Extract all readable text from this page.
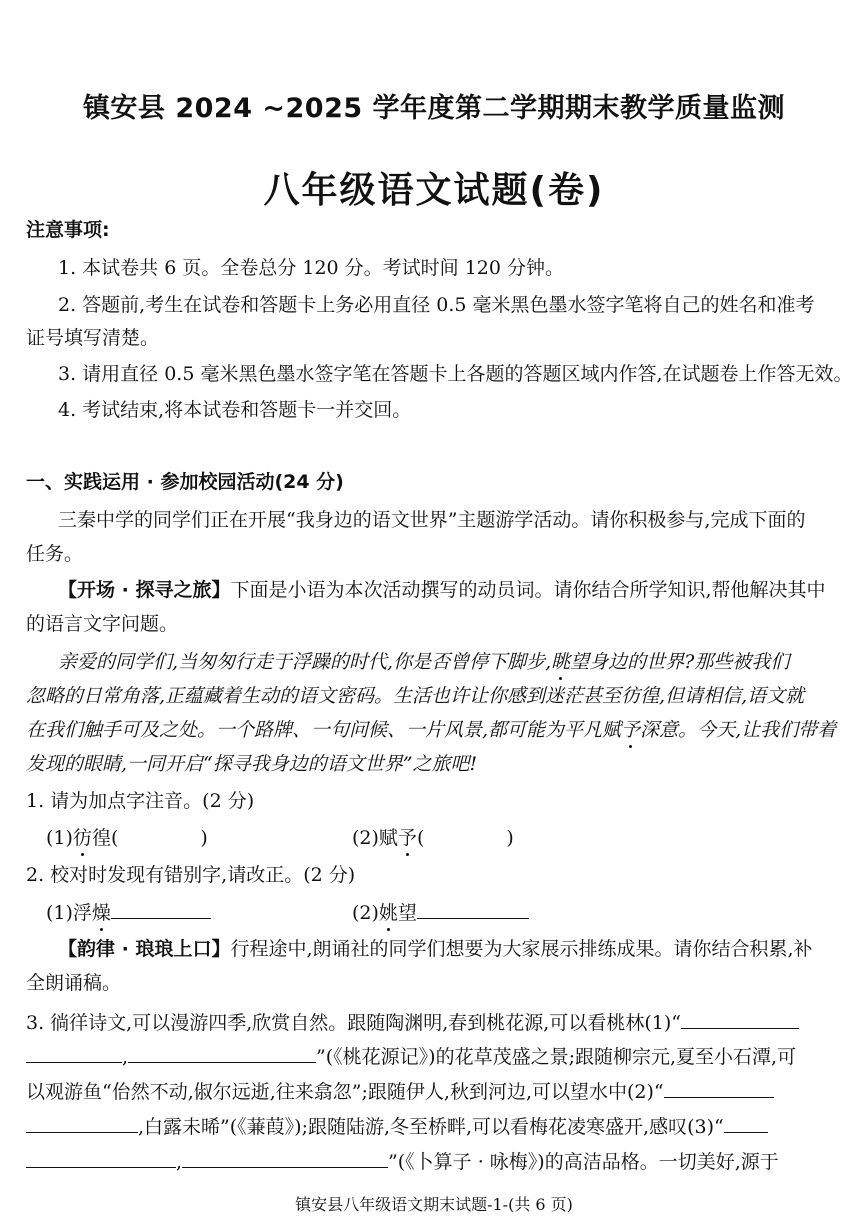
镇安县 2024 ~2025 学年度第二学期期末教学质量监测
八年级语文试题(卷)
注意事项:
1. 本试卷共 6 页。全卷总分 120 分。考试时间 120 分钟。
2. 答题前,考生在试卷和答题卡上务必用直径 0.5 毫米黑色墨水签字笔将自己的姓名和准考
证号填写清楚。
3. 请用直径 0.5 毫米黑色墨水签字笔在答题卡上各题的答题区域内作答,在试题卷上作答无效。
4. 考试结束,将本试卷和答题卡一并交回。
一、实践运用 · 参加校园活动(24 分)
三秦中学的同学们正在开展“我身边的语文世界”主题游学活动。请你积极参与,完成下面的
任务。
【开场 · 探寻之旅】下面是小语为本次活动撰写的动员词。请你结合所学知识,帮他解决其中
的语言文字问题。
亲爱的同学们,当匆匆行走于浮躁的时代,你是否曾停下脚步,眺望身边的世界?那些被我们
忽略的日常角落,正蕴藏着生动的语文密码。生活也许让你感到迷茫甚至彷徨,但请相信,语文就
在我们触手可及之处。一个路牌、一句问候、一片风景,都可能为平凡赋予深意。今天,让我们带着
发现的眼睛,一同开启“探寻我身边的语文世界”之旅吧!
1. 请为加点字注音。(2 分)
(1)彷徨(	)	(2)赋予(	)
2. 校对时发现有错别字,请改正。(2 分)
(1)浮燥	(2)姚望
【韵律 · 琅琅上口】行程途中,朗诵社的同学们想要为大家展示排练成果。请你结合积累,补
全朗诵稿。
3. 徜徉诗文,可以漫游四季,欣赏自然。跟随陶渊明,春到桃花源,可以看桃林(1)“
,	”(《桃花源记》)的花草茂盛之景;跟随柳宗元,夏至小石潭,可
以观游鱼“佁然不动,俶尔远逝,往来翕忽”;跟随伊人,秋到河边,可以望水中(2)“
,白露未晞”(《蒹葭》);跟随陆游,冬至桥畔,可以看梅花凌寒盛开,感叹(3)“
,	”(《卜算子 · 咏梅》)的高洁品格。一切美好,源于
镇安县八年级语文期末试题-1-(共 6 页)
